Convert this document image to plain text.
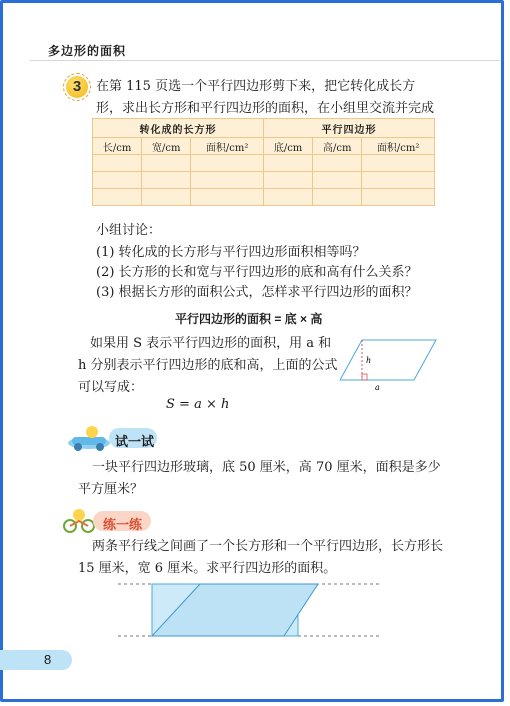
多边形的面积
3	在第 115 页选一个平行四边形剪下来，把它转化成长方形，求出长方形和平行四边形的面积，在小组里交流并完成
转化成的长方形			平行四边形		
长/cm	宽/cm	面积/cm²	底/cm	高/cm	面积/cm²

小组讨论：
(1) 转化成的长方形与平行四边形面积相等吗？
(2) 长方形的长和宽与平行四边形的底和高有什么关系？
(3) 根据长方形的面积公式，怎样求平行四边形的面积？
平行四边形的面积 = 底 × 高
如果用 S 表示平行四边形的面积，用 a 和 h 分别表示平行四边形的底和高，上面的公式可以写成：
S = a × h
h
a
试一试
一块平行四边形玻璃，底 50 厘米，高 70 厘米，面积是多少平方厘米？
练一练
两条平行线之间画了一个长方形和一个平行四边形，长方形长 15 厘米，宽 6 厘米。求平行四边形的面积。
8
